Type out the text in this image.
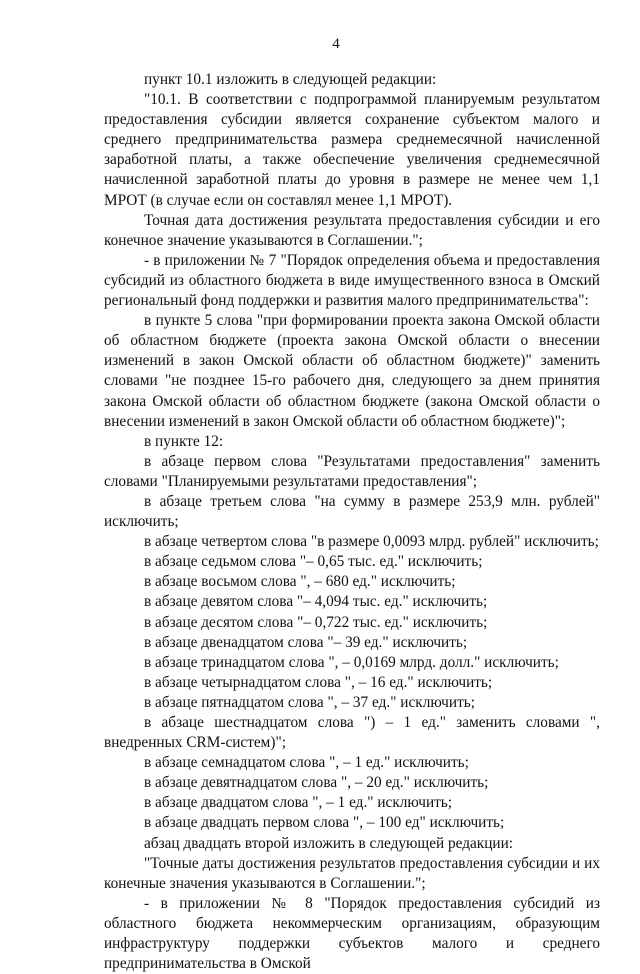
4

пункт 10.1 изложить в следующей редакции:

"10.1. В соответствии с подпрограммой планируемым результатом предоставления субсидии является сохранение субъектом малого и среднего предпринимательства размера среднемесячной начисленной заработной платы, а также обеспечение увеличения среднемесячной начисленной заработной платы до уровня в размере не менее чем 1,1 МРОТ (в случае если он составлял менее 1,1 МРОТ).

Точная дата достижения результата предоставления субсидии и его конечное значение указываются в Соглашении.";

- в приложении № 7 "Порядок определения объема и предоставления субсидий из областного бюджета в виде имущественного взноса в Омский региональный фонд поддержки и развития малого предпринимательства":

в пункте 5 слова "при формировании проекта закона Омской области об областном бюджете (проекта закона Омской области о внесении изменений в закон Омской области об областном бюджете)" заменить словами "не позднее 15-го рабочего дня, следующего за днем принятия закона Омской области об областном бюджете (закона Омской области о внесении изменений в закон Омской области об областном бюджете)";

в пункте 12:

в абзаце первом слова "Результатами предоставления" заменить словами "Планируемыми результатами предоставления";

в абзаце третьем слова "на сумму в размере 253,9 млн. рублей" исключить;

в абзаце четвертом слова "в размере 0,0093 млрд. рублей" исключить;

в абзаце седьмом слова "– 0,65 тыс. ед." исключить;

в абзаце восьмом слова ", – 680 ед." исключить;

в абзаце девятом слова "– 4,094 тыс. ед." исключить;

в абзаце десятом слова "– 0,722 тыс. ед." исключить;

в абзаце двенадцатом слова "– 39 ед." исключить;

в абзаце тринадцатом слова ", – 0,0169 млрд. долл." исключить;

в абзаце четырнадцатом слова ", – 16 ед." исключить;

в абзаце пятнадцатом слова ", – 37 ед." исключить;

в абзаце шестнадцатом слова ") – 1 ед." заменить словами ", внедренных CRM-систем)";

в абзаце семнадцатом слова ", – 1 ед." исключить;

в абзаце девятнадцатом слова ", – 20 ед." исключить;

в абзаце двадцатом слова ", – 1 ед." исключить;

в абзаце двадцать первом слова ", – 100 ед" исключить;

абзац двадцать второй изложить в следующей редакции:

"Точные даты достижения результатов предоставления субсидии и их конечные значения указываются в Соглашении.";

- в приложении № 8 "Порядок предоставления субсидий из областного бюджета некоммерческим организациям, образующим инфраструктуру поддержки субъектов малого и среднего предпринимательства в Омской
